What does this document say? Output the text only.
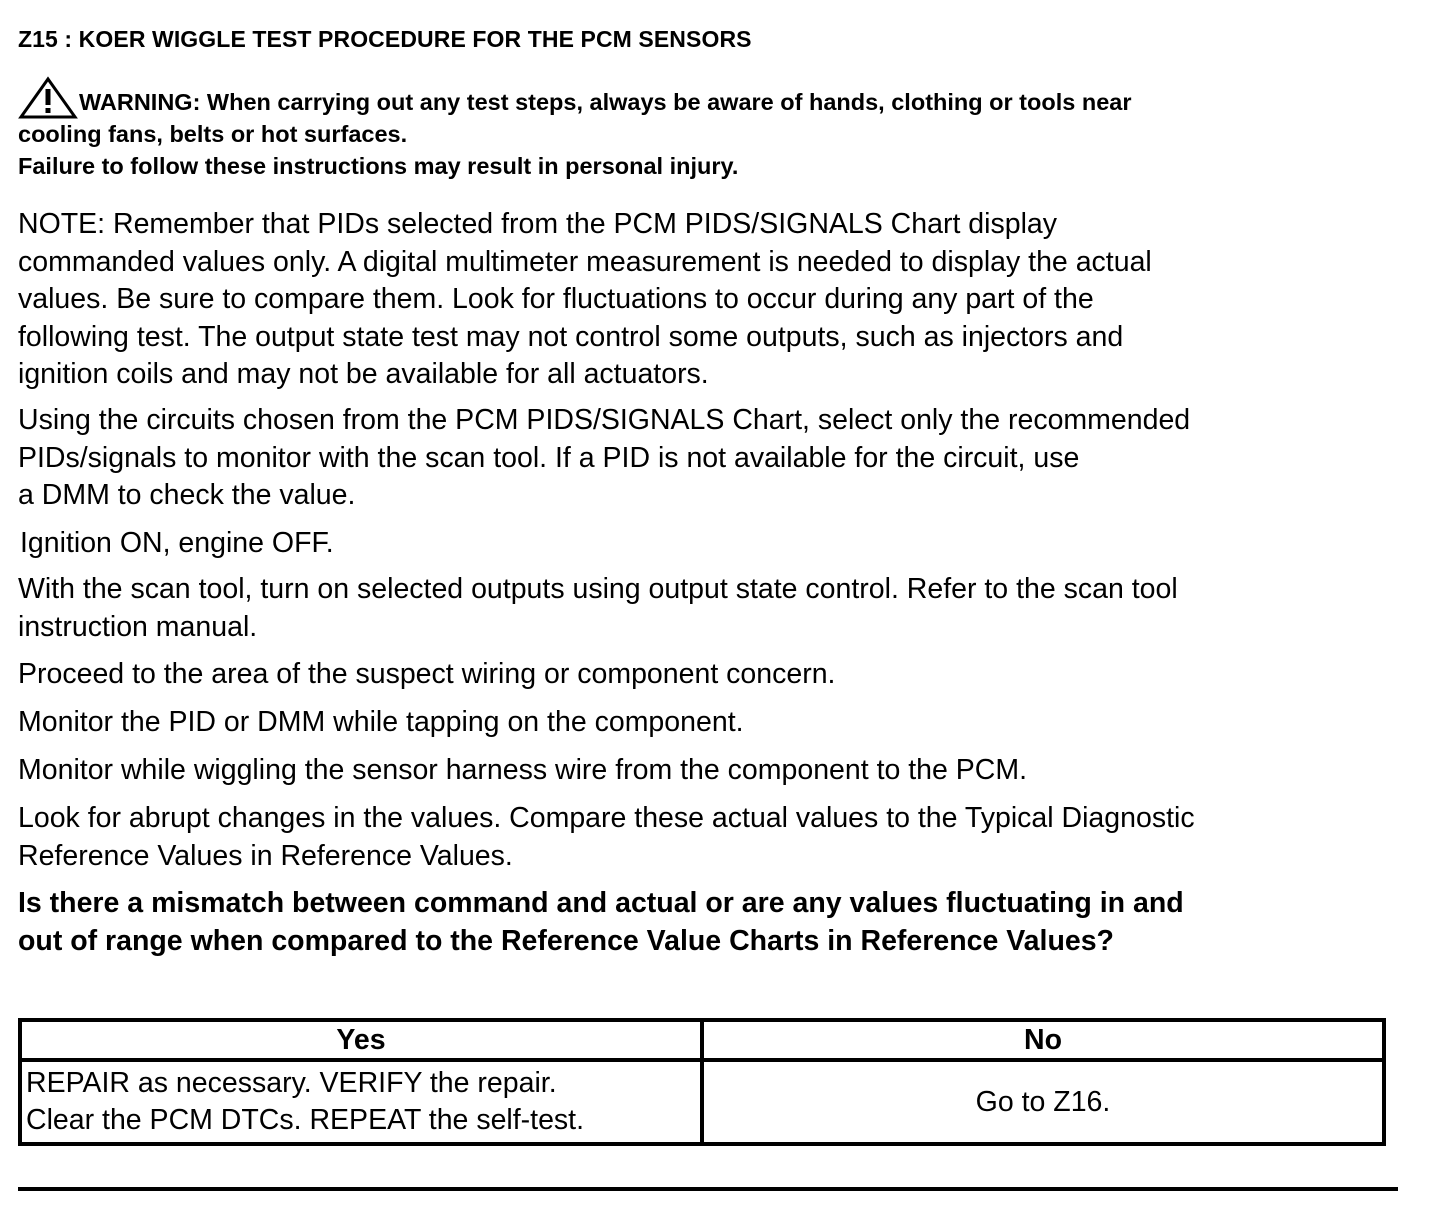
Z15 : KOER WIGGLE TEST PROCEDURE FOR THE PCM SENSORS
WARNING: When carrying out any test steps, always be aware of hands, clothing or tools near
cooling fans, belts or hot surfaces.
Failure to follow these instructions may result in personal injury.
NOTE: Remember that PIDs selected from the PCM PIDS/SIGNALS Chart display
commanded values only. A digital multimeter measurement is needed to display the actual
values. Be sure to compare them. Look for fluctuations to occur during any part of the
following test. The output state test may not control some outputs, such as injectors and
ignition coils and may not be available for all actuators.
Using the circuits chosen from the PCM PIDS/SIGNALS Chart, select only the recommended
PIDs/signals to monitor with the scan tool. If a PID is not available for the circuit, use
a DMM to check the value.
Ignition ON, engine OFF.
With the scan tool, turn on selected outputs using output state control. Refer to the scan tool
instruction manual.
Proceed to the area of the suspect wiring or component concern.
Monitor the PID or DMM while tapping on the component.
Monitor while wiggling the sensor harness wire from the component to the PCM.
Look for abrupt changes in the values. Compare these actual values to the Typical Diagnostic
Reference Values in Reference Values.
Is there a mismatch between command and actual or are any values fluctuating in and
out of range when compared to the Reference Value Charts in Reference Values?
Yes	No

REPAIR as necessary. VERIFY the repair.
Clear the PCM DTCs. REPEAT the self-test.	Go to Z16.
